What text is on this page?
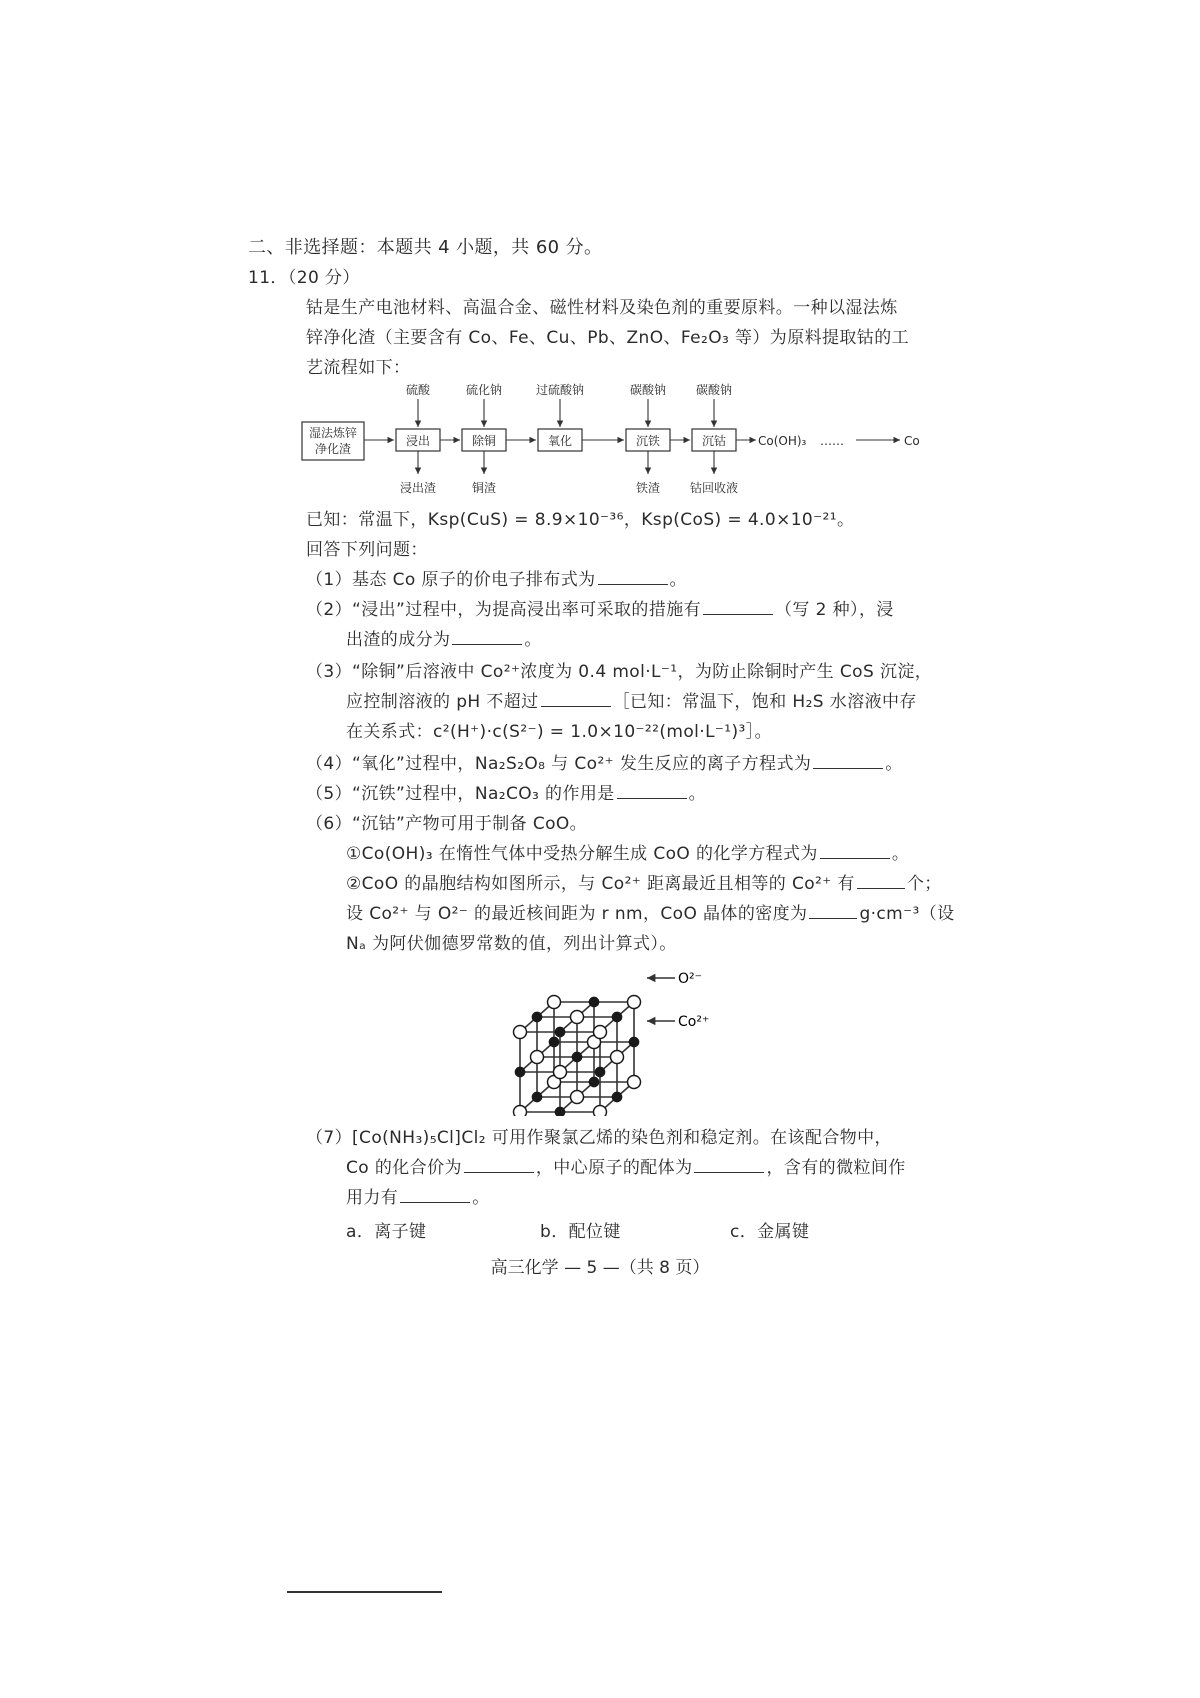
二、非选择题：本题共 4 小题，共 60 分。
11．（20 分）
钴是生产电池材料、高温合金、磁性材料及染色剂的重要原料。一种以湿法炼
锌净化渣（主要含有 Co、Fe、Cu、Pb、ZnO、Fe₂O₃ 等）为原料提取钴的工
艺流程如下：
湿法炼锌
净化渣
浸出	除铜	氧化	沉铁	沉钴
硫酸	硫化钠	过硫酸钠	碳酸钠 碳酸钠
浸出渣	铜渣	铁渣 钴回收液
Co(OH)₃ ……	Co
已知：常温下，Ksp(CuS) = 8.9×10⁻³⁶，Ksp(CoS) = 4.0×10⁻²¹。
回答下列问题：
（1）基态 Co 原子的价电子排布式为	。
（2）“浸出”过程中，为提高浸出率可采取的措施有	（写 2 种），浸
出渣的成分为	。
（3）“除铜”后溶液中 Co²⁺浓度为 0.4 mol·L⁻¹，为防止除铜时产生 CoS 沉淀，
应控制溶液的 pH 不超过	［已知：常温下，饱和 H₂S 水溶液中存
在关系式：c²(H⁺)·c(S²⁻) = 1.0×10⁻²²(mol·L⁻¹)³］。
（4）“氧化”过程中，Na₂S₂O₈ 与 Co²⁺ 发生反应的离子方程式为	。
（5）“沉铁”过程中，Na₂CO₃ 的作用是	。
（6）“沉钴”产物可用于制备 CoO。
①Co(OH)₃ 在惰性气体中受热分解生成 CoO 的化学方程式为	。
②CoO 的晶胞结构如图所示，与 Co²⁺ 距离最近且相等的 Co²⁺ 有	个；
设 Co²⁺ 与 O²⁻ 的最近核间距为 r nm，CoO 晶体的密度为	g·cm⁻³（设
Nₐ 为阿伏伽德罗常数的值，列出计算式）。
O²⁻
Co²⁺
（7）[Co(NH₃)₅Cl]Cl₂ 可用作聚氯乙烯的染色剂和稳定剂。在该配合物中，
Co 的化合价为	，中心原子的配体为	，含有的微粒间作
用力有	。
a．离子键	b．配位键	c．金属键
高三化学 — 5 —（共 8 页）
